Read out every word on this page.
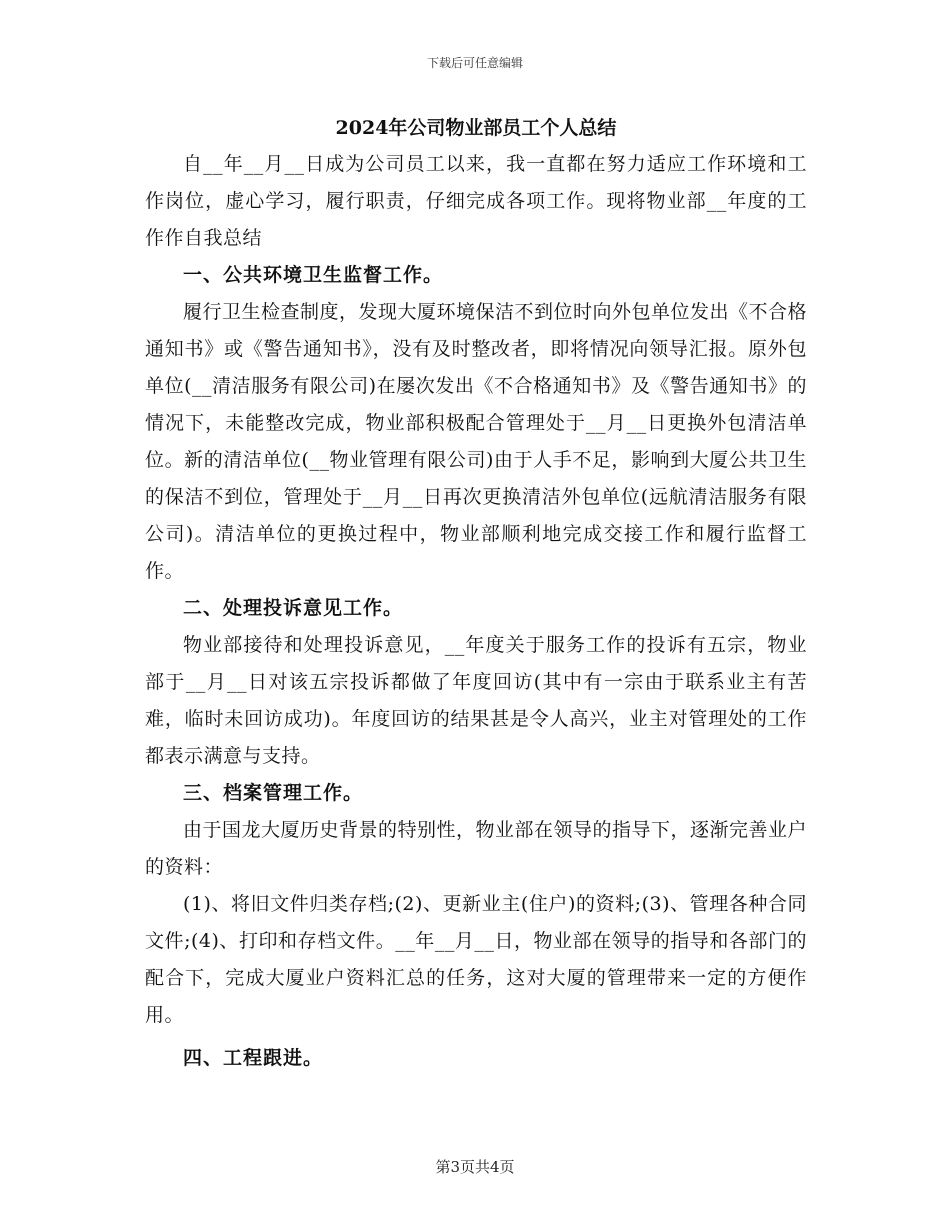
下载后可任意编辑
2024年公司物业部员工个人总结

自__年__月__日成为公司员工以来，我一直都在努力适应工作环境和工作岗位，虚心学习，履行职责，仔细完成各项工作。现将物业部__年度的工作作自我总结

一、公共环境卫生监督工作。

履行卫生检查制度，发现大厦环境保洁不到位时向外包单位发出《不合格通知书》或《警告通知书》，没有及时整改者，即将情况向领导汇报。原外包单位(__清洁服务有限公司)在屡次发出《不合格通知书》及《警告通知书》的情况下，未能整改完成，物业部积极配合管理处于__月__日更换外包清洁单位。新的清洁单位(__物业管理有限公司)由于人手不足，影响到大厦公共卫生的保洁不到位，管理处于__月__日再次更换清洁外包单位(远航清洁服务有限公司)。清洁单位的更换过程中，物业部顺利地完成交接工作和履行监督工作。

二、处理投诉意见工作。

物业部接待和处理投诉意见，__年度关于服务工作的投诉有五宗，物业部于__月__日对该五宗投诉都做了年度回访(其中有一宗由于联系业主有苦难，临时未回访成功)。年度回访的结果甚是令人高兴，业主对管理处的工作都表示满意与支持。

三、档案管理工作。

由于国龙大厦历史背景的特别性，物业部在领导的指导下，逐渐完善业户的资料：

(1)、将旧文件归类存档;(2)、更新业主(住户)的资料;(3)、管理各种合同文件;(4)、打印和存档文件。__年__月__日，物业部在领导的指导和各部门的配合下，完成大厦业户资料汇总的任务，这对大厦的管理带来一定的方便作用。

四、工程跟进。

第3页共4页
